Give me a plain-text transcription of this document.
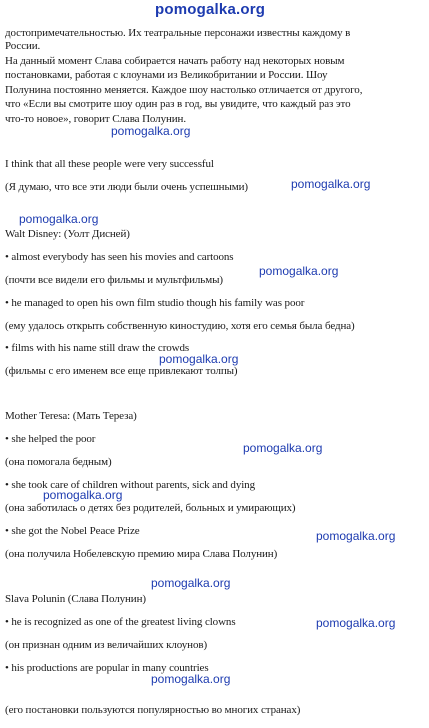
pomogalka.org
достопримечательностью. Их театральные персонажи известны каждому в
России.
На данный момент Слава собирается начать работу над некоторых новым
постановками, работая с клоунами из Великобритании и России. Шоу
Полунина постоянно меняется. Каждое шоу настолько отличается от другого,
что «Если вы смотрите шоу один раз в год, вы увидите, что каждый раз это
что-то новое», говорит Слава Полунин.
pomogalka.org
I think that all these people were very successful
(Я думаю, что все эти люди были очень успешными)	pomogalka.org
pomogalka.org
Walt Disney: (Уолт Дисней)
• almost everybody has seen his movies and cartoons
pomogalka.org
(почти все видели его фильмы и мультфильмы)
• he managed to open his own film studio though his family was poor
(ему удалось открыть собственную киностудию, хотя его семья была бедна)
• films with his name still draw the crowds
pomogalka.org
(фильмы с его именем все еще привлекают толпы)
Mother Teresa: (Мать Тереза)
• she helped the poor
pomogalka.org
(она помогала бедным)
• she took care of children without parents, sick and dying
pomogalka.org
(она заботилась о детях без родителей, больных и умирающих)
• she got the Nobel Peace Prize	pomogalka.org
(она получила Нобелевскую премию мира Слава Полунин)
pomogalka.org
Slava Polunin (Слава Полунин)
• he is recognized as one of the greatest living clowns	pomogalka.org
(он признан одним из величайших клоунов)
• his productions are popular in many countries
pomogalka.org
(его постановки пользуются популярностью во многих странах)
